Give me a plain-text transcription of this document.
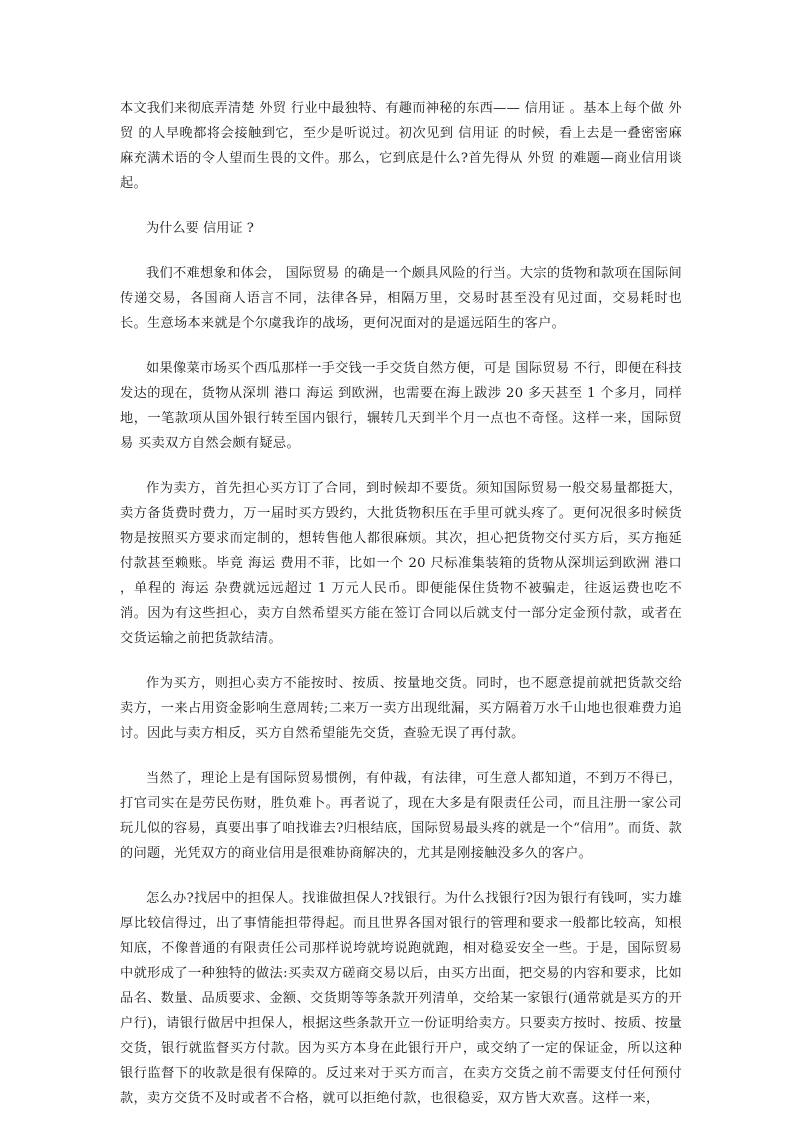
本文我们来彻底弄清楚 外贸 行业中最独特、有趣而神秘的东西—— 信用证 。基本上每个做 外贸 的人早晚都将会接触到它，至少是听说过。初次见到 信用证 的时候，看上去是一叠密密麻麻充满术语的令人望而生畏的文件。那么，它到底是什么?首先得从 外贸 的难题—商业信用谈起。

为什么要 信用证 ?

我们不难想象和体会， 国际贸易 的确是一个颇具风险的行当。大宗的货物和款项在国际间传递交易，各国商人语言不同，法律各异，相隔万里，交易时甚至没有见过面，交易耗时也长。生意场本来就是个尔虞我诈的战场，更何况面对的是遥远陌生的客户。

如果像菜市场买个西瓜那样一手交钱一手交货自然方便，可是 国际贸易 不行，即便在科技发达的现在，货物从深圳 港口 海运 到欧洲，也需要在海上跋涉 20 多天甚至 1 个多月，同样地，一笔款项从国外银行转至国内银行，辗转几天到半个月一点也不奇怪。这样一来，国际贸易 买卖双方自然会颇有疑忌。

作为卖方，首先担心买方订了合同，到时候却不要货。须知国际贸易一般交易量都挺大，卖方备货费时费力，万一届时买方毁约，大批货物积压在手里可就头疼了。更何况很多时候货物是按照买方要求而定制的，想转售他人都很麻烦。其次，担心把货物交付买方后，买方拖延付款甚至赖账。毕竟 海运 费用不菲，比如一个 20 尺标准集装箱的货物从深圳运到欧洲 港口 ，单程的 海运 杂费就远远超过 1 万元人民币。即便能保住货物不被骗走，往返运费也吃不消。因为有这些担心，卖方自然希望买方能在签订合同以后就支付一部分定金预付款，或者在交货运输之前把货款结清。

作为买方，则担心卖方不能按时、按质、按量地交货。同时，也不愿意提前就把货款交给卖方，一来占用资金影响生意周转;二来万一卖方出现纰漏，买方隔着万水千山地也很难费力追讨。因此与卖方相反，买方自然希望能先交货，查验无误了再付款。

当然了，理论上是有国际贸易惯例，有仲裁，有法律，可生意人都知道，不到万不得已，打官司实在是劳民伤财，胜负难卜。再者说了，现在大多是有限责任公司，而且注册一家公司玩儿似的容易，真要出事了咱找谁去?归根结底，国际贸易最头疼的就是一个“信用”。而货、款的问题，光凭双方的商业信用是很难协商解决的，尤其是刚接触没多久的客户。

怎么办?找居中的担保人。找谁做担保人?找银行。为什么找银行?因为银行有钱呵，实力雄厚比较信得过，出了事情能担带得起。而且世界各国对银行的管理和要求一般都比较高，知根知底，不像普通的有限责任公司那样说垮就垮说跑就跑，相对稳妥安全一些。于是，国际贸易中就形成了一种独特的做法:买卖双方磋商交易以后，由买方出面，把交易的内容和要求，比如品名、数量、品质要求、金额、交货期等等条款开列清单，交给某一家银行(通常就是买方的开户行)，请银行做居中担保人，根据这些条款开立一份证明给卖方。只要卖方按时、按质、按量交货，银行就监督买方付款。因为买方本身在此银行开户，或交纳了一定的保证金，所以这种银行监督下的收款是很有保障的。反过来对于买方而言，在卖方交货之前不需要支付任何预付款，卖方交货不及时或者不合格，就可以拒绝付款，也很稳妥，双方皆大欢喜。这样一来，
